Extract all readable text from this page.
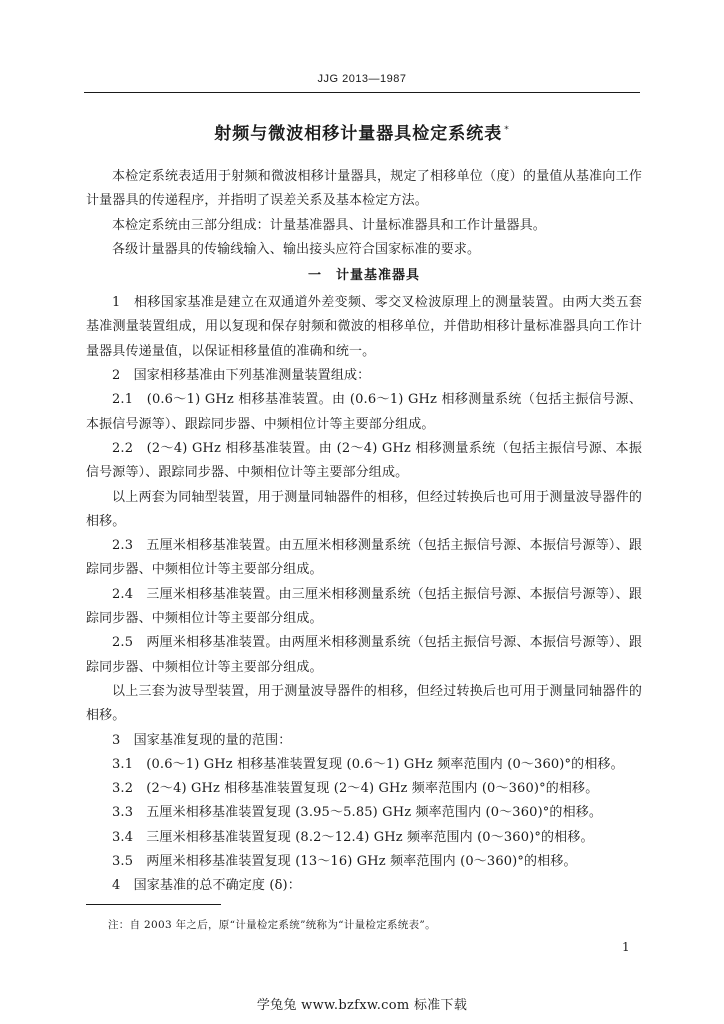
JJG 2013—1987
射频与微波相移计量器具检定系统表 *

本检定系统表适用于射频和微波相移计量器具，规定了相移单位（度）的量值从基准向工作计量器具的传递程序，并指明了误差关系及基本检定方法。

本检定系统由三部分组成：计量基准器具、计量标准器具和工作计量器具。

各级计量器具的传输线输入、输出接头应符合国家标准的要求。

一　计量基准器具

1　相移国家基准是建立在双通道外差变频、零交叉检波原理上的测量装置。由两大类五套基准测量装置组成，用以复现和保存射频和微波的相移单位，并借助相移计量标准器具向工作计量器具传递量值，以保证相移量值的准确和统一。

2　国家相移基准由下列基准测量装置组成：

2.1　(0.6～1) GHz 相移基准装置。由 (0.6～1) GHz 相移测量系统（包括主振信号源、本振信号源等）、跟踪同步器、中频相位计等主要部分组成。

2.2　(2～4) GHz 相移基准装置。由 (2～4) GHz 相移测量系统（包括主振信号源、本振信号源等）、跟踪同步器、中频相位计等主要部分组成。

以上两套为同轴型装置，用于测量同轴器件的相移，但经过转换后也可用于测量波导器件的相移。

2.3　五厘米相移基准装置。由五厘米相移测量系统（包括主振信号源、本振信号源等）、跟踪同步器、中频相位计等主要部分组成。

2.4　三厘米相移基准装置。由三厘米相移测量系统（包括主振信号源、本振信号源等）、跟踪同步器、中频相位计等主要部分组成。

2.5　两厘米相移基准装置。由两厘米相移测量系统（包括主振信号源、本振信号源等）、跟踪同步器、中频相位计等主要部分组成。

以上三套为波导型装置，用于测量波导器件的相移，但经过转换后也可用于测量同轴器件的相移。

3　国家基准复现的量的范围：

3.1　(0.6～1) GHz 相移基准装置复现 (0.6～1) GHz 频率范围内 (0～360)°的相移。

3.2　(2～4) GHz 相移基准装置复现 (2～4) GHz 频率范围内 (0～360)°的相移。

3.3　五厘米相移基准装置复现 (3.95～5.85) GHz 频率范围内 (0～360)°的相移。

3.4　三厘米相移基准装置复现 (8.2～12.4) GHz 频率范围内 (0～360)°的相移。

3.5　两厘米相移基准装置复现 (13～16) GHz 频率范围内 (0～360)°的相移。

4　国家基准的总不确定度 (δ)：

注：自 2003 年之后，原“计量检定系统”统称为“计量检定系统表”。
1
学兔兔 www.bzfxw.com 标准下载
